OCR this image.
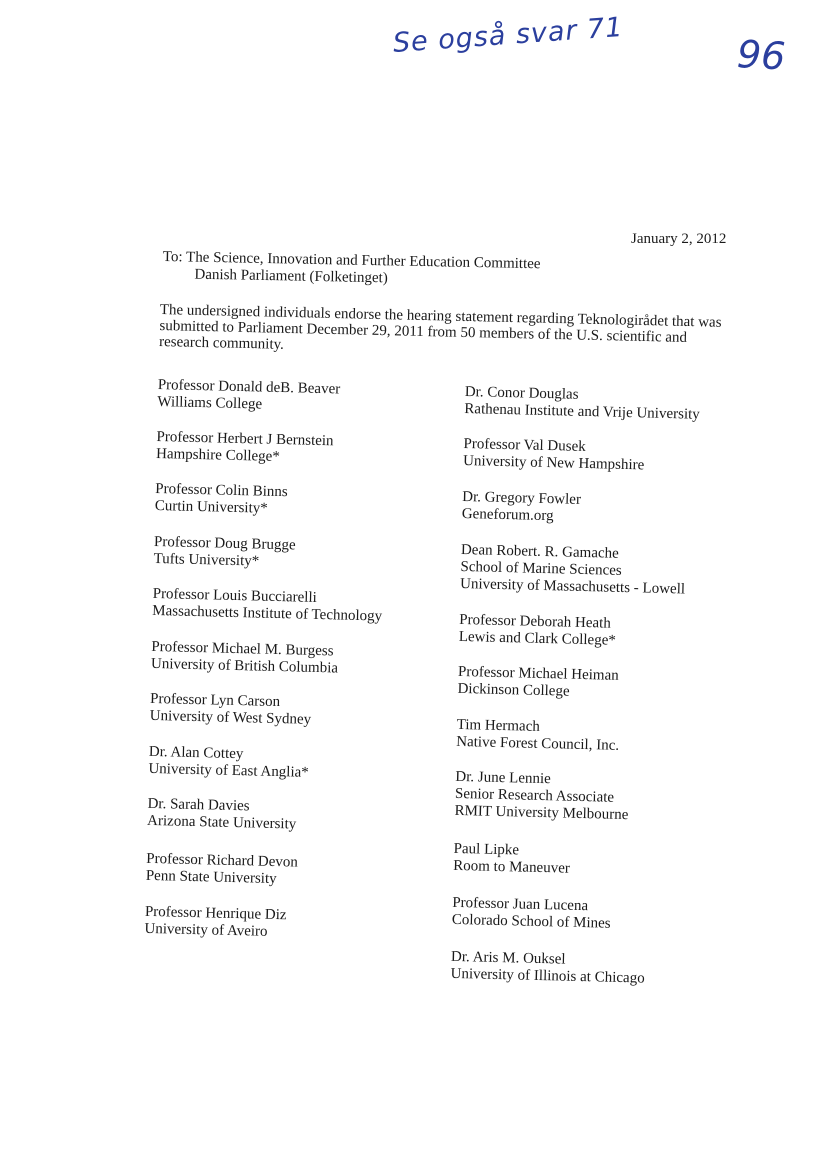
Se også svar 71	96
January 2, 2012
To: The Science, Innovation and Further Education Committee
Danish Parliament (Folketinget)
The undersigned individuals endorse the hearing statement regarding Teknologirådet that was submitted to Parliament December 29, 2011 from 50 members of the U.S. scientific and research community.
Professor Donald deB. Beaver
Williams College
Professor Herbert J Bernstein
Hampshire College*
Professor Colin Binns
Curtin University*
Professor Doug Brugge
Tufts University*
Professor Louis Bucciarelli
Massachusetts Institute of Technology
Professor Michael M. Burgess
University of British Columbia
Professor Lyn Carson
University of West Sydney
Dr. Alan Cottey
University of East Anglia*
Dr. Sarah Davies
Arizona State University
Professor Richard Devon
Penn State University
Professor Henrique Diz
University of Aveiro
Dr. Conor Douglas
Rathenau Institute and Vrije University
Professor Val Dusek
University of New Hampshire
Dr. Gregory Fowler
Geneforum.org
Dean Robert. R. Gamache
School of Marine Sciences
University of Massachusetts - Lowell
Professor Deborah Heath
Lewis and Clark College*
Professor Michael Heiman
Dickinson College
Tim Hermach
Native Forest Council, Inc.
Dr. June Lennie
Senior Research Associate
RMIT University Melbourne
Paul Lipke
Room to Maneuver
Professor Juan Lucena
Colorado School of Mines
Dr. Aris M. Ouksel
University of Illinois at Chicago
